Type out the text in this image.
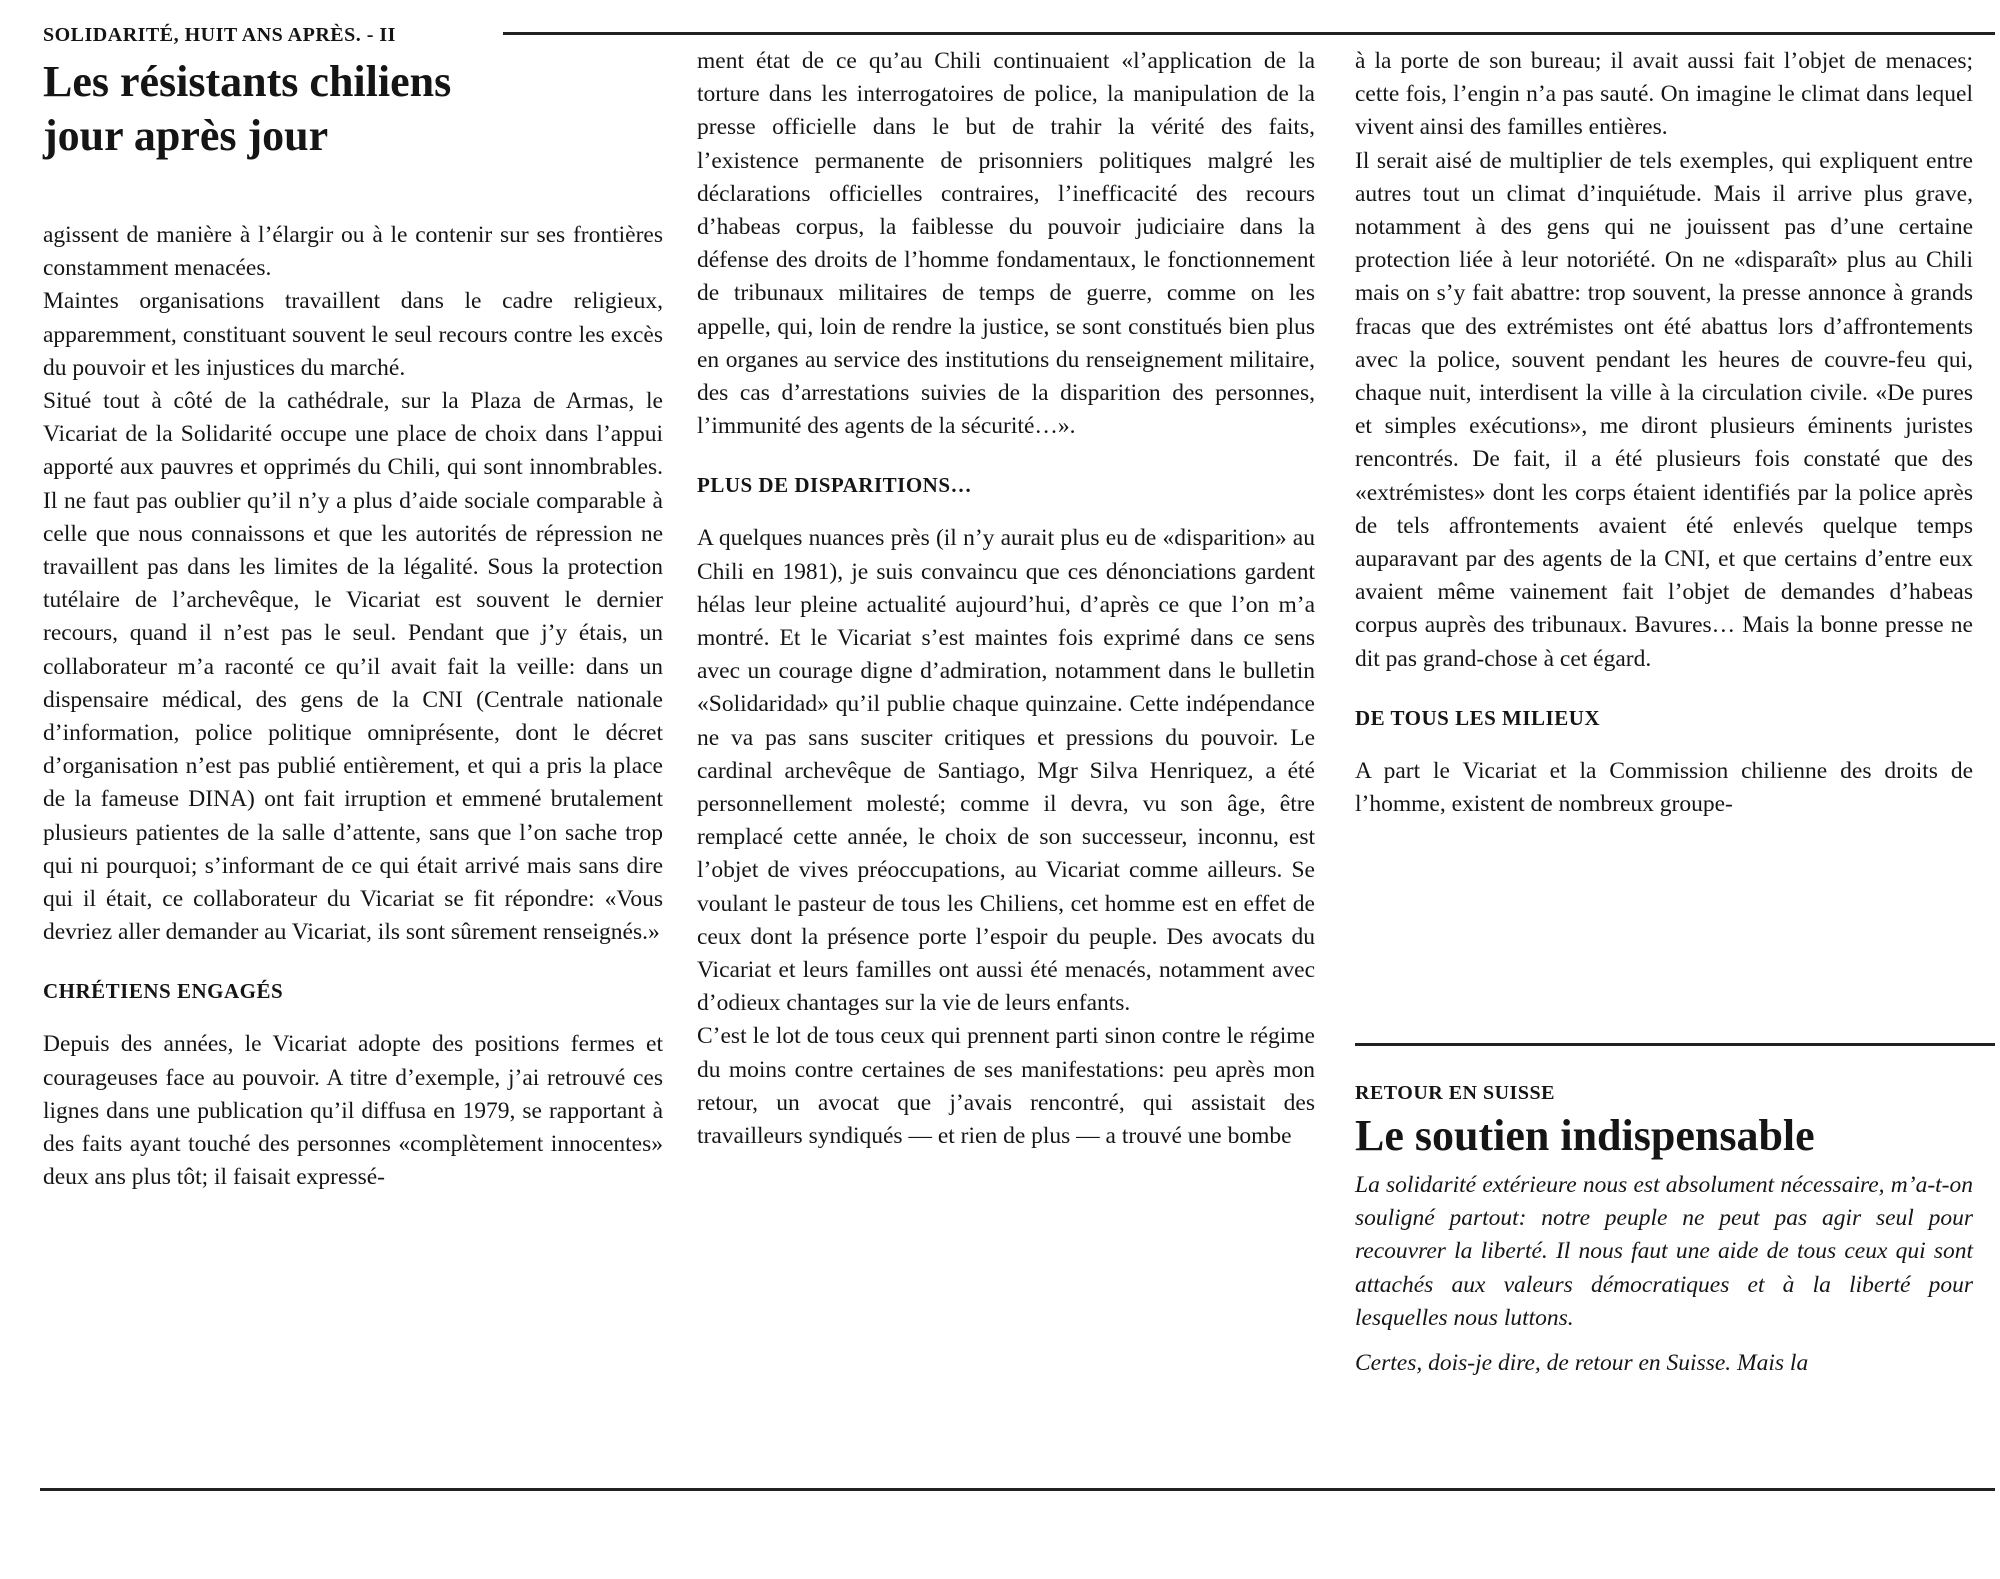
SOLIDARITÉ, HUIT ANS APRÈS. - II
Les résistants chiliens
jour après jour

agissent de manière à l’élargir ou à le contenir sur ses frontières constamment menacées.

Maintes organisations travaillent dans le cadre religieux, apparemment, constituant souvent le seul recours contre les excès du pouvoir et les injustices du marché.

Situé tout à côté de la cathédrale, sur la Plaza de Armas, le Vicariat de la Solidarité occupe une place de choix dans l’appui apporté aux pauvres et opprimés du Chili, qui sont innombrables. Il ne faut pas oublier qu’il n’y a plus d’aide sociale comparable à celle que nous connaissons et que les autorités de répression ne travaillent pas dans les limites de la légalité. Sous la protection tutélaire de l’archevêque, le Vicariat est souvent le dernier recours, quand il n’est pas le seul. Pendant que j’y étais, un collaborateur m’a raconté ce qu’il avait fait la veille: dans un dispensaire médical, des gens de la CNI (Centrale nationale d’information, police politique omniprésente, dont le décret d’organisation n’est pas publié entièrement, et qui a pris la place de la fameuse DINA) ont fait irruption et emmené brutalement plusieurs patientes de la salle d’attente, sans que l’on sache trop qui ni pourquoi; s’informant de ce qui était arrivé mais sans dire qui il était, ce collaborateur du Vicariat se fit répondre: «Vous devriez aller demander au Vicariat, ils sont sûrement renseignés.»

CHRÉTIENS ENGAGÉS

Depuis des années, le Vicariat adopte des positions fermes et courageuses face au pouvoir. A titre d’exemple, j’ai retrouvé ces lignes dans une publication qu’il diffusa en 1979, se rapportant à des faits ayant touché des personnes «complètement innocentes» deux ans plus tôt; il faisait expressé-

ment état de ce qu’au Chili continuaient «l’application de la torture dans les interrogatoires de police, la manipulation de la presse officielle dans le but de trahir la vérité des faits, l’existence permanente de prisonniers politiques malgré les déclarations officielles contraires, l’inefficacité des recours d’habeas corpus, la faiblesse du pouvoir judiciaire dans la défense des droits de l’homme fondamentaux, le fonctionnement de tribunaux militaires de temps de guerre, comme on les appelle, qui, loin de rendre la justice, se sont constitués bien plus en organes au service des institutions du renseignement militaire, des cas d’arrestations suivies de la disparition des personnes, l’immunité des agents de la sécurité…».

PLUS DE DISPARITIONS…

A quelques nuances près (il n’y aurait plus eu de «disparition» au Chili en 1981), je suis convaincu que ces dénonciations gardent hélas leur pleine actualité aujourd’hui, d’après ce que l’on m’a montré. Et le Vicariat s’est maintes fois exprimé dans ce sens avec un courage digne d’admiration, notamment dans le bulletin «Solidaridad» qu’il publie chaque quinzaine. Cette indépendance ne va pas sans susciter critiques et pressions du pouvoir. Le cardinal archevêque de Santiago, Mgr Silva Henriquez, a été personnellement molesté; comme il devra, vu son âge, être remplacé cette année, le choix de son successeur, inconnu, est l’objet de vives préoccupations, au Vicariat comme ailleurs. Se voulant le pasteur de tous les Chiliens, cet homme est en effet de ceux dont la présence porte l’espoir du peuple. Des avocats du Vicariat et leurs familles ont aussi été menacés, notamment avec d’odieux chantages sur la vie de leurs enfants.

C’est le lot de tous ceux qui prennent parti sinon contre le régime du moins contre certaines de ses manifestations: peu après mon retour, un avocat que j’avais rencontré, qui assistait des travailleurs syndiqués — et rien de plus — a trouvé une bombe

à la porte de son bureau; il avait aussi fait l’objet de menaces; cette fois, l’engin n’a pas sauté. On imagine le climat dans lequel vivent ainsi des familles entières.

Il serait aisé de multiplier de tels exemples, qui expliquent entre autres tout un climat d’inquiétude. Mais il arrive plus grave, notamment à des gens qui ne jouissent pas d’une certaine protection liée à leur notoriété. On ne «disparaît» plus au Chili mais on s’y fait abattre: trop souvent, la presse annonce à grands fracas que des extrémistes ont été abattus lors d’affrontements avec la police, souvent pendant les heures de couvre-feu qui, chaque nuit, interdisent la ville à la circulation civile. «De pures et simples exécutions», me diront plusieurs éminents juristes rencontrés. De fait, il a été plusieurs fois constaté que des «extrémistes» dont les corps étaient identifiés par la police après de tels affrontements avaient été enlevés quelque temps auparavant par des agents de la CNI, et que certains d’entre eux avaient même vainement fait l’objet de demandes d’habeas corpus auprès des tribunaux. Bavures… Mais la bonne presse ne dit pas grand-chose à cet égard.

DE TOUS LES MILIEUX

A part le Vicariat et la Commission chilienne des droits de l’homme, existent de nombreux groupe-

RETOUR EN SUISSE
Le soutien indispensable

La solidarité extérieure nous est absolument nécessaire, m’a-t-on souligné partout: notre peuple ne peut pas agir seul pour recouvrer la liberté. Il nous faut une aide de tous ceux qui sont attachés aux valeurs démocratiques et à la liberté pour lesquelles nous luttons.

Certes, dois-je dire, de retour en Suisse. Mais la
